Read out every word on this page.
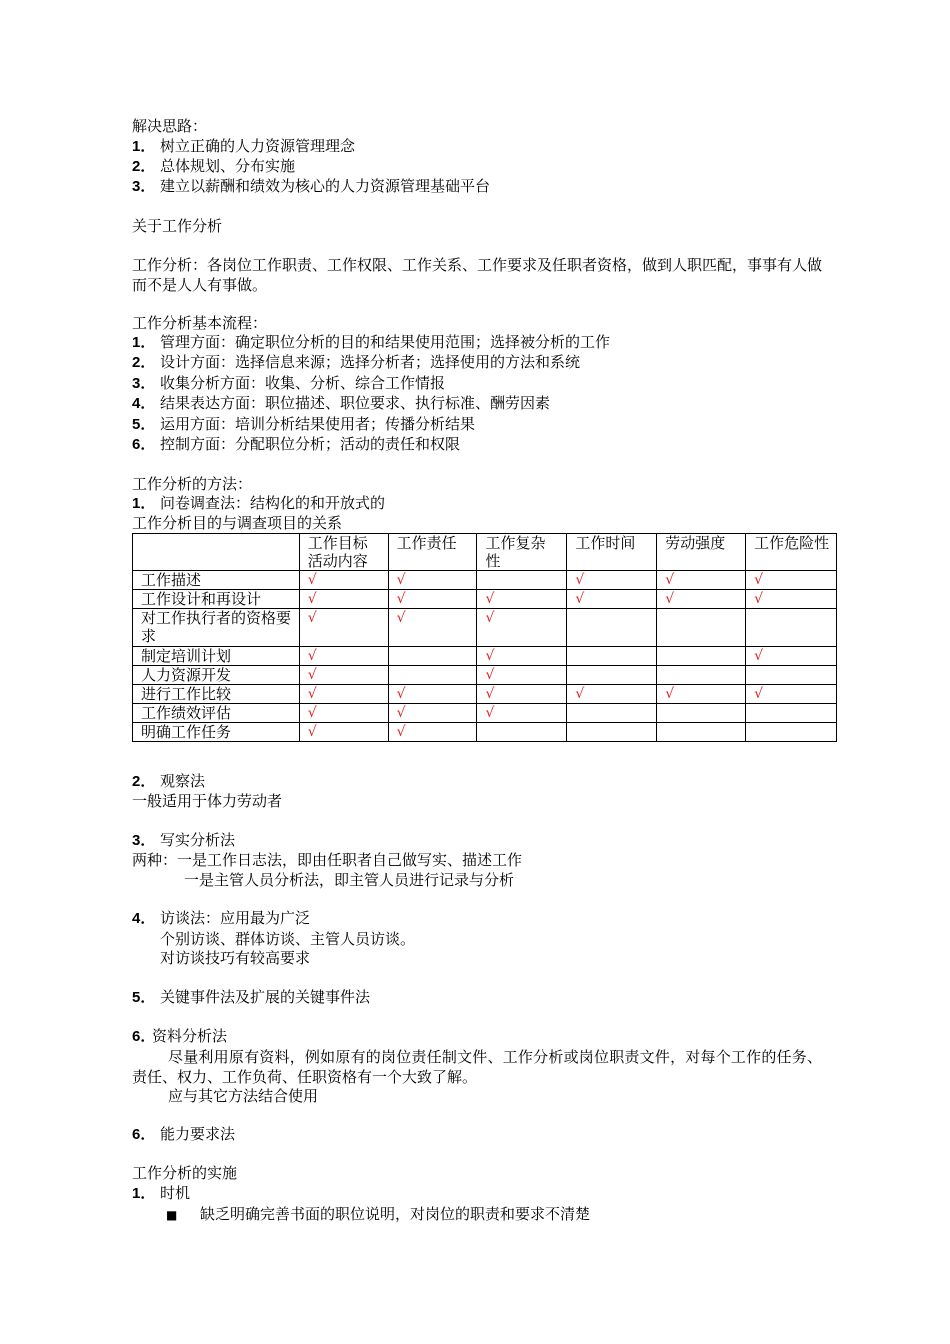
解决思路：
1． 树立正确的人力资源管理理念
2． 总体规划、分布实施
3． 建立以薪酬和绩效为核心的人力资源管理基础平台
关于工作分析
工作分析：各岗位工作职责、工作权限、工作关系、工作要求及任职者资格，做到人职匹配，事事有人做而不是人人有事做。
工作分析基本流程：
1． 管理方面：确定职位分析的目的和结果使用范围；选择被分析的工作
2． 设计方面：选择信息来源；选择分析者；选择使用的方法和系统
3． 收集分析方面：收集、分析、综合工作情报
4． 结果表达方面：职位描述、职位要求、执行标准、酬劳因素
5． 运用方面：培训分析结果使用者；传播分析结果
6． 控制方面：分配职位分析；活动的责任和权限
工作分析的方法：
1． 问卷调查法：结构化的和开放式的
工作分析目的与调查项目的关系
	工作目标活动内容	工作责任	工作复杂性	工作时间	劳动强度	工作危险性
工作描述	√	√		√	√	√
工作设计和再设计	√	√	√	√	√	√
对工作执行者的资格要求	√	√	√			
制定培训计划	√		√			√
人力资源开发	√		√			
进行工作比较	√	√	√	√	√	√
工作绩效评估	√	√	√			
明确工作任务	√	√				
2． 观察法
一般适用于体力劳动者
3． 写实分析法
两种：一是工作日志法，即由任职者自己做写实、描述工作
一是主管人员分析法，即主管人员进行记录与分析
4． 访谈法：应用最为广泛
个别访谈、群体访谈、主管人员访谈。
对访谈技巧有较高要求
5． 关键事件法及扩展的关键事件法
6．资料分析法
尽量利用原有资料，例如原有的岗位责任制文件、工作分析或岗位职责文件，对每个工作的任务、责任、权力、工作负荷、任职资格有一个大致了解。
应与其它方法结合使用
6． 能力要求法
工作分析的实施
1． 时机
■ 缺乏明确完善书面的职位说明，对岗位的职责和要求不清楚
